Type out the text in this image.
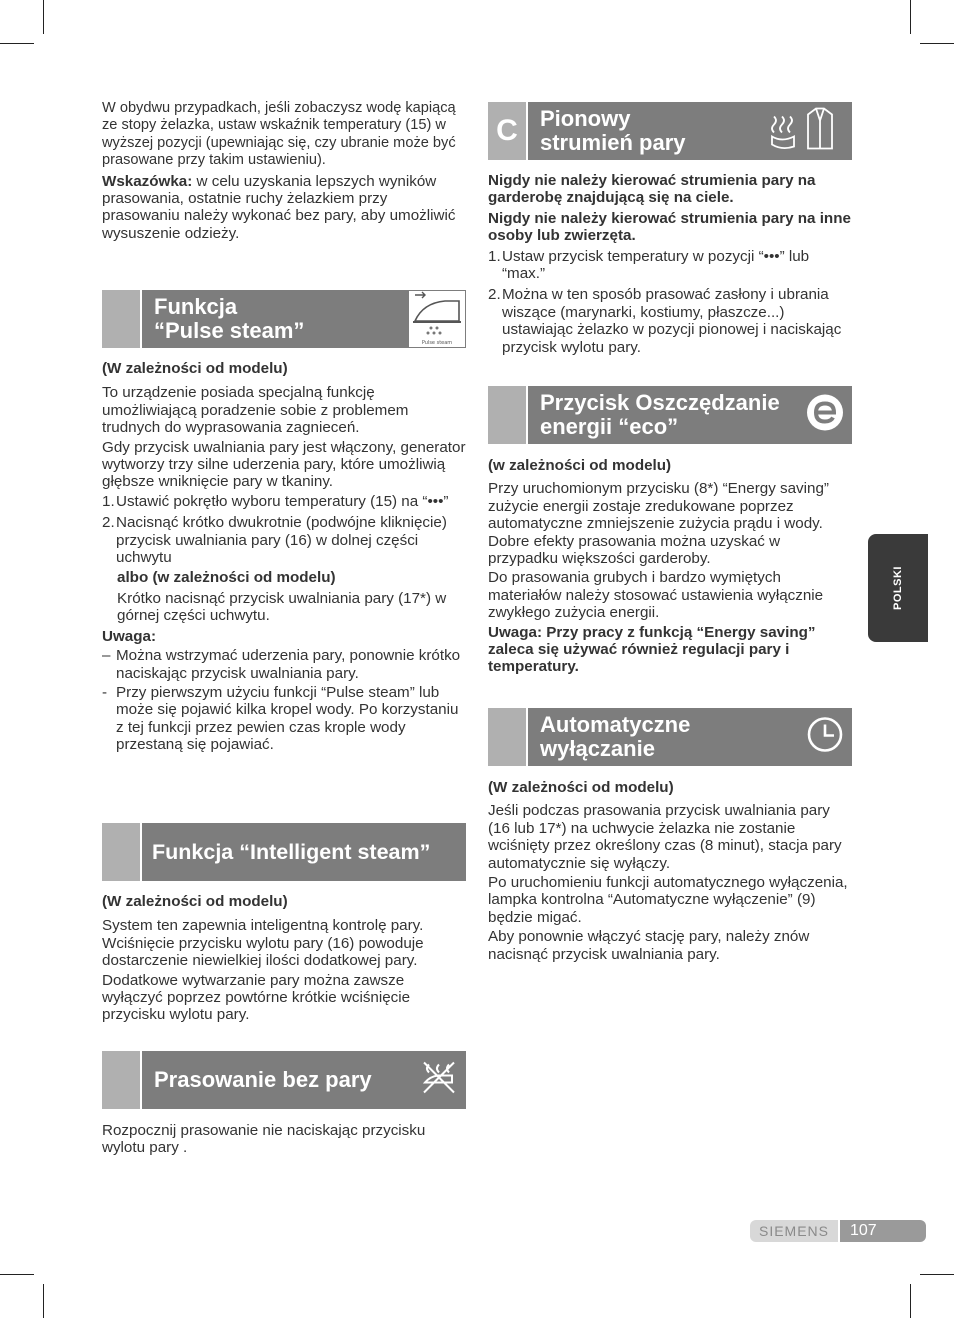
W obydwu przypadkach, jeśli zobaczysz wodę kapiącą ze stopy żelazka, ustaw wskaźnik temperatury (15) w wyższej pozycji (upewniając się, czy ubranie może być prasowane przy takim ustawieniu).

Wskazówka: w celu uzyskania lepszych wyników prasowania, ostatnie ruchy żelazkiem przy prasowaniu należy wykonać bez pary, aby umożliwić wysuszenie odzieży.

Funkcja
“Pulse steam”	Pulse steam

(W zależności od modelu)

To urządzenie posiada specjalną funkcję umożliwiającą poradzenie sobie z problemem trudnych do wyprasowania zagnieceń.

Gdy przycisk uwalniania pary jest włączony, generator wytworzy trzy silne uderzenia pary, które umożliwią głębsze wniknięcie pary w tkaniny.

1. Ustawić pokrętło wyboru temperatury (15) na “•••”
2. Nacisnąć krótko dwukrotnie (podwójne kliknięcie) przycisk uwalniania pary (16) w dolnej części uchwytu
albo (w zależności od modelu)
Krótko nacisnąć przycisk uwalniania pary (17*) w górnej części uchwytu.

Uwaga:

– Można wstrzymać uderzenia pary, ponownie krótko naciskając przycisk uwalniania pary.
- Przy pierwszym użyciu funkcji “Pulse steam” lub może się pojawić kilka kropel wody. Po korzystaniu z tej funkcji przez pewien czas krople wody przestaną się pojawiać.
Funkcja “Intelligent steam”

(W zależności od modelu)

System ten zapewnia inteligentną kontrolę pary. Wciśnięcie przycisku wylotu pary (16) powoduje dostarczenie niewielkiej ilości dodatkowej pary.

Dodatkowe wytwarzanie pary można zawsze wyłączyć poprzez powtórne krótkie wciśnięcie przycisku wylotu pary.

Prasowanie bez pary

Rozpocznij prasowanie nie naciskając przycisku wylotu pary .

C	Pionowy
strumień pary

Nigdy nie należy kierować strumienia pary na garderobę znajdującą się na ciele.

Nigdy nie należy kierować strumienia pary na inne osoby lub zwierzęta.

1. Ustaw przycisk temperatury w pozycji “•••” lub “max.”
2. Można w ten sposób prasować zasłony i ubrania wiszące (marynarki, kostiumy, płaszcze...) ustawiając żelazko w pozycji pionowej i naciskając przycisk wylotu pary.
Przycisk Oszczędzanie
energii “eco”

(w zależności od modelu)

Przy uruchomionym przycisku (8*) “Energy saving” zużycie energii zostaje zredukowane poprzez automatyczne zmniejszenie zużycia prądu i wody. Dobre efekty prasowania można uzyskać w przypadku większości garderoby.

Do prasowania grubych i bardzo wymiętych materiałów należy stosować ustawienia wyłącznie zwykłego zużycia energii.

Uwaga: Przy pracy z funkcją “Energy saving” zaleca się używać również regulacji pary i temperatury.

Automatyczne
wyłączanie

(W zależności od modelu)

Jeśli podczas prasowania przycisk uwalniania pary (16 lub 17*) na uchwycie żelazka nie zostanie wciśnięty przez określony czas (8 minut), stacja pary automatycznie się wyłączy.

Po uruchomieniu funkcji automatycznego wyłączenia, lampka kontrolna “Automatyczne wyłączenie” (9) będzie migać.

Aby ponownie włączyć stację pary, należy znów nacisnąć przycisk uwalniania pary.

POLSKI
SIEMENS	107
